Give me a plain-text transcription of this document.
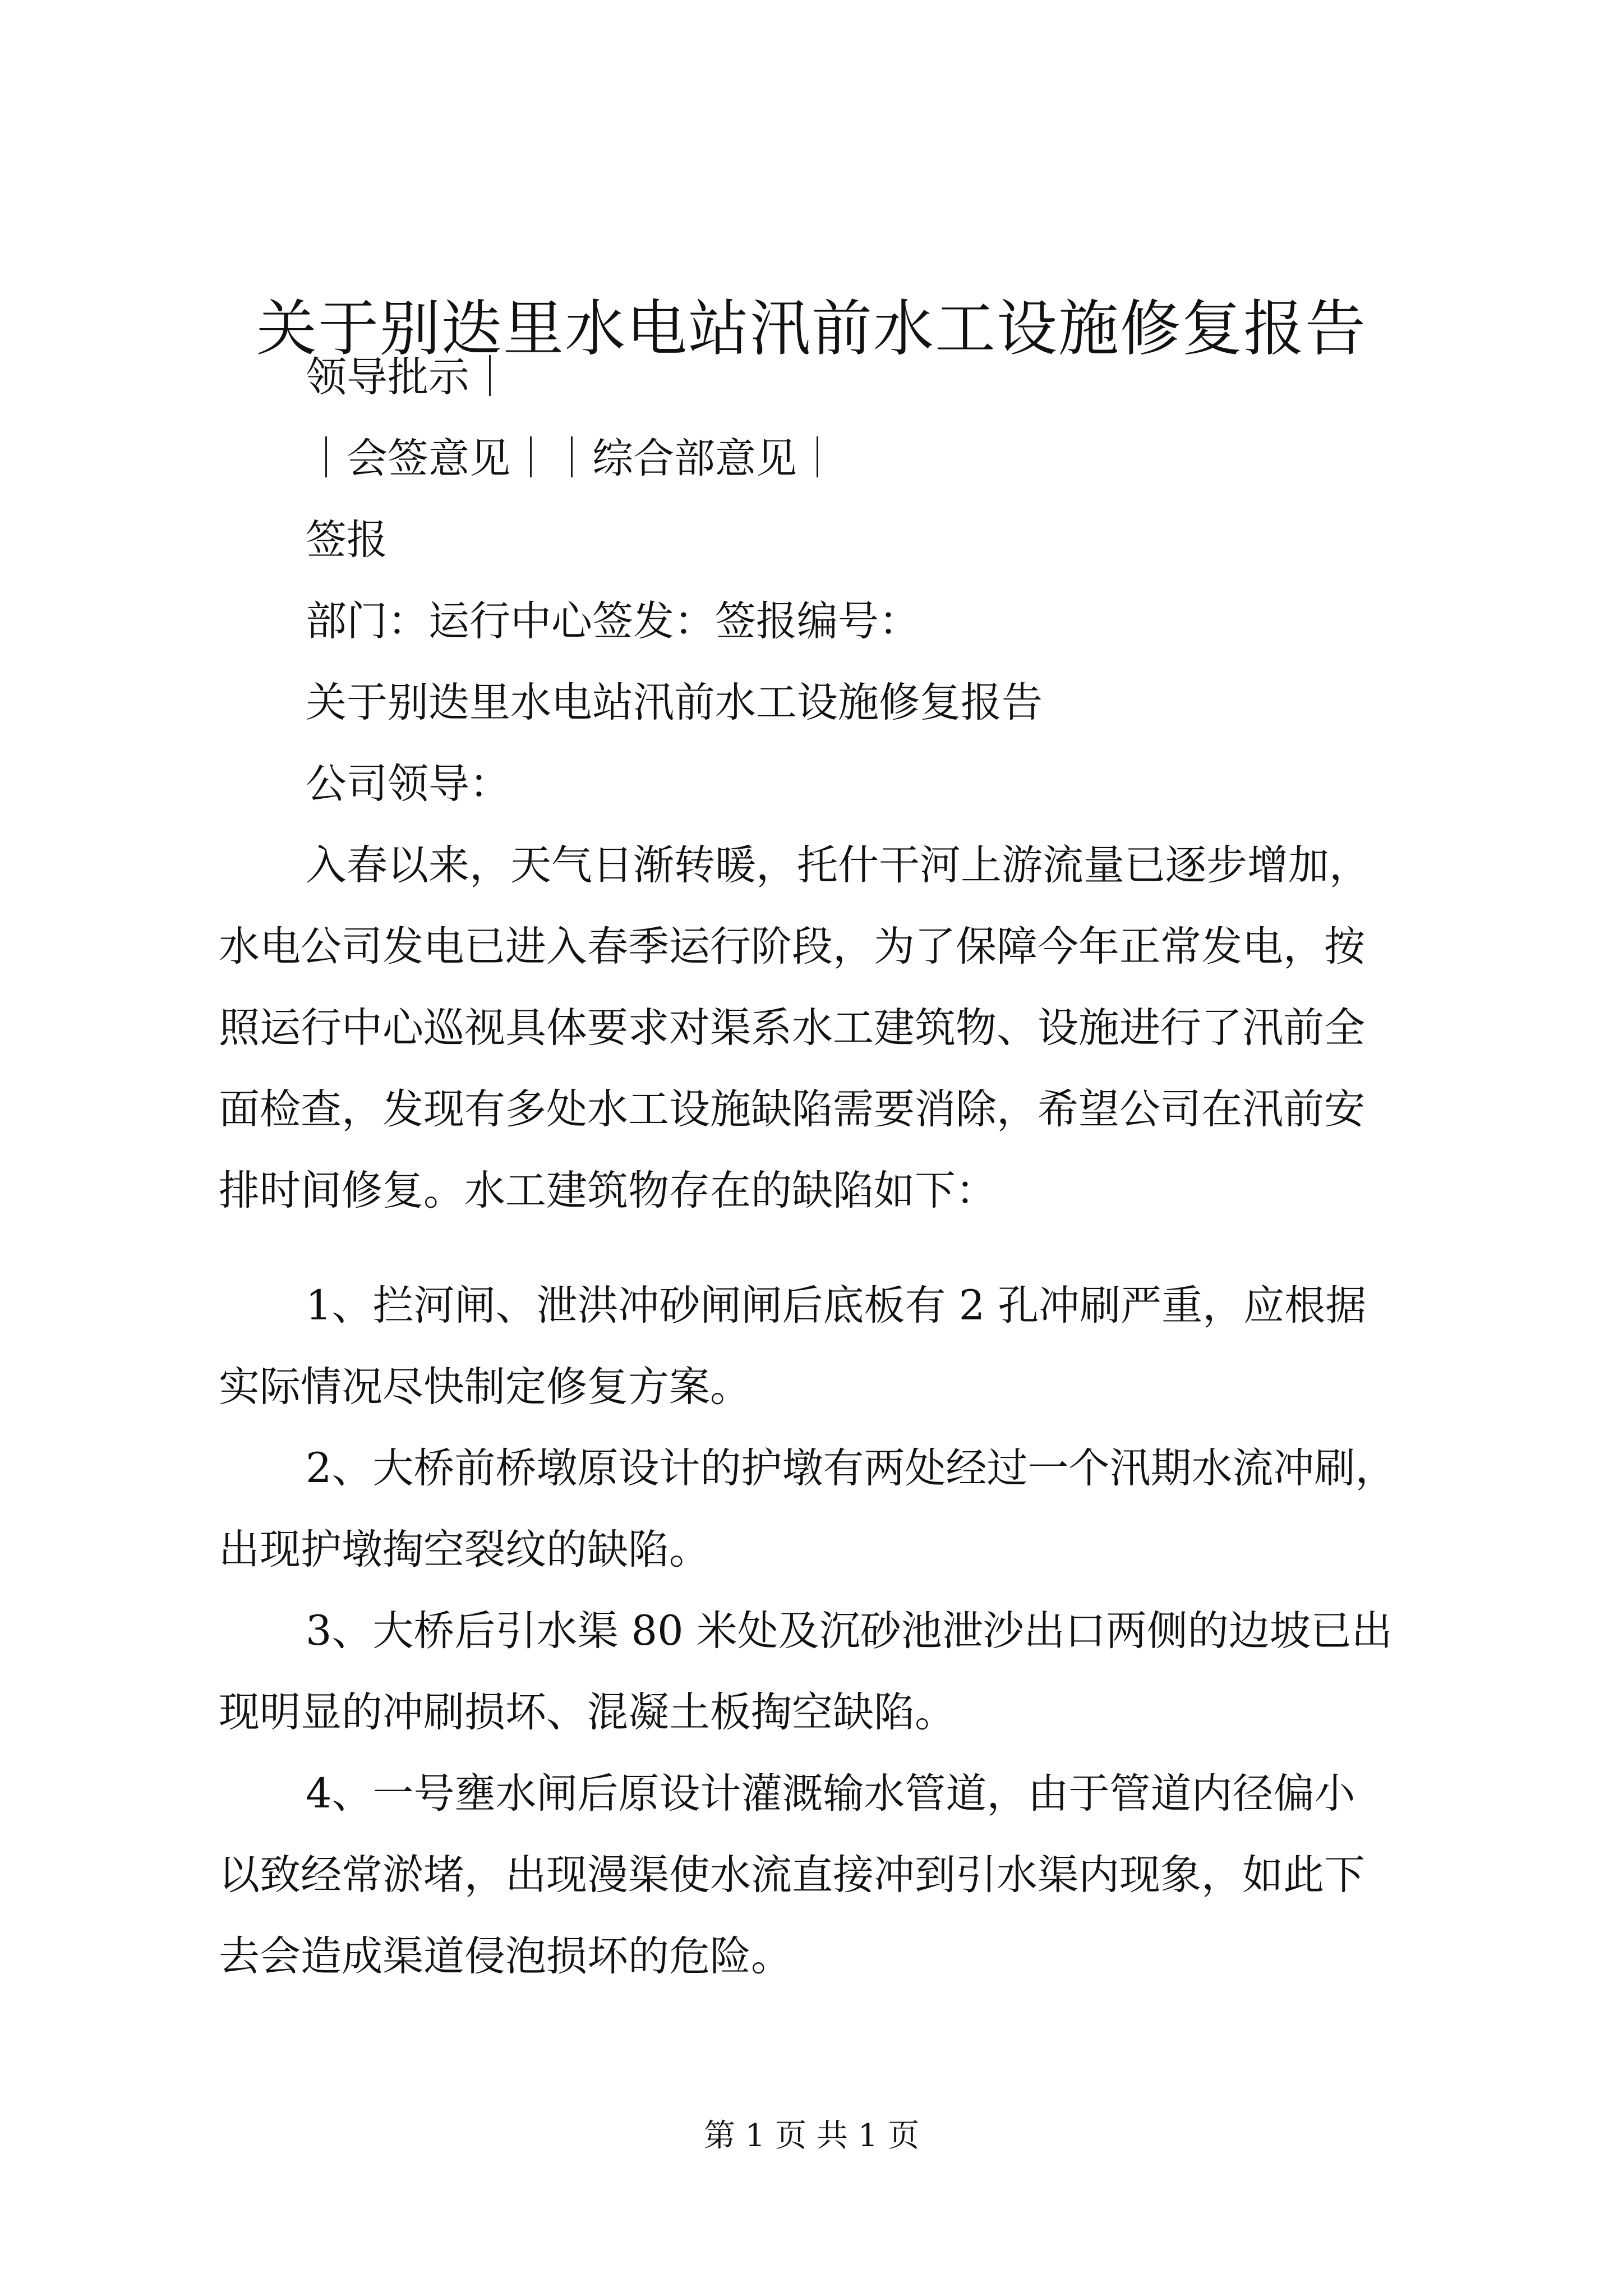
关于别迭里水电站汛前水工设施修复报告
领导批示｜
｜会签意见｜｜综合部意见｜
签报
部门：运行中心签发：签报编号：
关于别迭里水电站汛前水工设施修复报告
公司领导：
入春以来，天气日渐转暖，托什干河上游流量已逐步增加，
水电公司发电已进入春季运行阶段，为了保障今年正常发电，按
照运行中心巡视具体要求对渠系水工建筑物、设施进行了汛前全
面检查，发现有多处水工设施缺陷需要消除，希望公司在汛前安
排时间修复。水工建筑物存在的缺陷如下：
1、拦河闸、泄洪冲砂闸闸后底板有 2 孔冲刷严重，应根据
实际情况尽快制定修复方案。
2、大桥前桥墩原设计的护墩有两处经过一个汛期水流冲刷，
出现护墩掏空裂纹的缺陷。
3、大桥后引水渠 80 米处及沉砂池泄沙出口两侧的边坡已出
现明显的冲刷损坏、混凝土板掏空缺陷。
4、一号壅水闸后原设计灌溉输水管道，由于管道内径偏小
以致经常淤堵，出现漫渠使水流直接冲到引水渠内现象，如此下
去会造成渠道侵泡损坏的危险。
第 1 页 共 1 页
